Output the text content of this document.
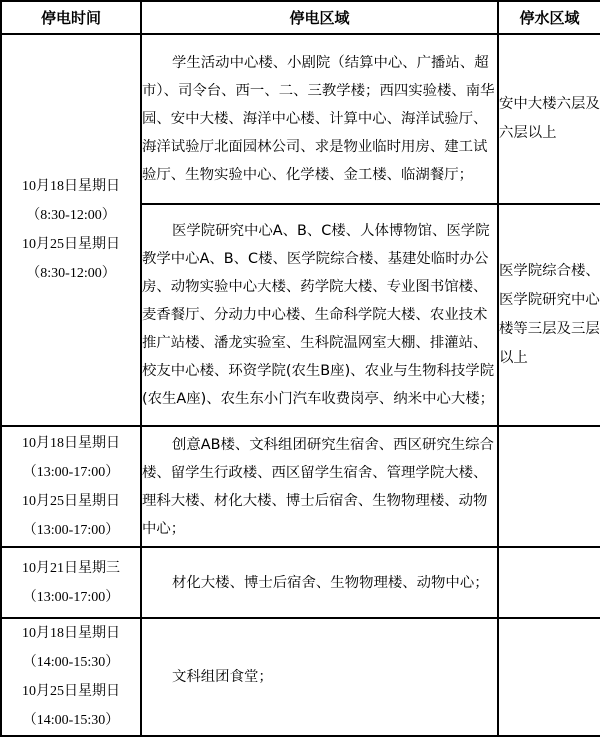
停电时间	停电区域	停水区域

10月18日星期日
（8:30-12:00）
10月25日星期日
（8:30-12:00）	学生活动中心楼、小剧院（结算中心、广播站、超市）、司令台、西一、二、三教学楼；西四实验楼、南华园、安中大楼、海洋中心楼、计算中心、海洋试验厅、海洋试验厅北面园林公司、求是物业临时用房、建工试验厅、生物实验中心、化学楼、金工楼、临湖餐厅；	安中大楼六层及六层以上
	医学院研究中心A、B、C楼、人体博物馆、医学院教学中心A、B、C楼、医学院综合楼、基建处临时办公房、动物实验中心大楼、药学院大楼、专业图书馆楼、麦香餐厅、分动力中心楼、生命科学院大楼、农业技术推广站楼、潘龙实验室、生科院温网室大棚、排灌站、校友中心楼、环资学院(农生B座)、农业与生物科技学院(农生A座)、农生东小门汽车收费岗亭、纳米中心大楼；	医学院综合楼、医学院研究中心楼等三层及三层以上

10月18日星期日
（13:00-17:00）
10月25日星期日
（13:00-17:00）	创意AB楼、文科组团研究生宿舍、西区研究生综合楼、留学生行政楼、西区留学生宿舍、管理学院大楼、理科大楼、材化大楼、博士后宿舍、生物物理楼、动物中心；	

10月21日星期三
（13:00-17:00）	材化大楼、博士后宿舍、生物物理楼、动物中心；	

10月18日星期日
（14:00-15:30）
10月25日星期日
（14:00-15:30）	文科组团食堂；	
